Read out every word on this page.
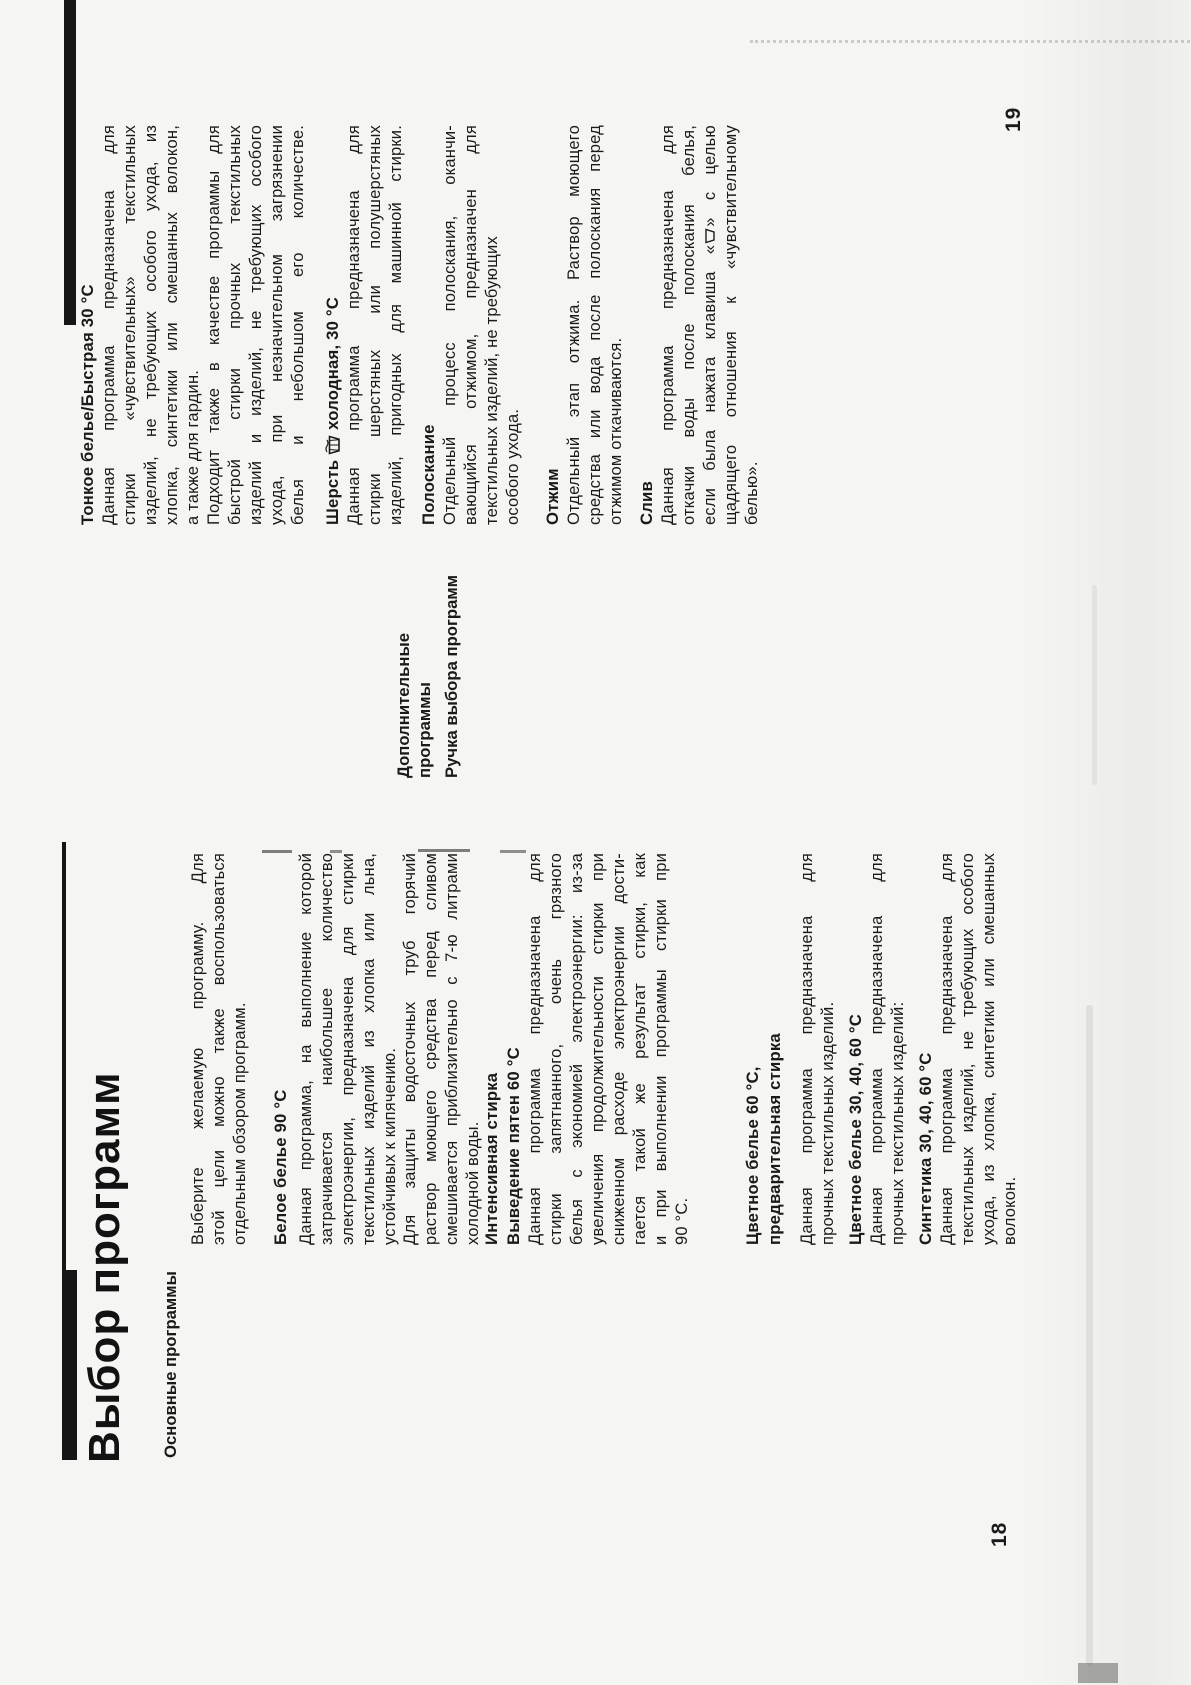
Выбор программ Основные программы
Выберите желаемую программу. Для этой цели можно также воспользоваться отдельным обзором программ. Белое белье 90 °C Данная программа, на выполнение которой затрачивается наибольшее количество электроэнергии, предназначена для стирки текстильных изделий из хлопка или льна, устойчивых к кипячению. Для защиты водосточных труб горячий раствор моющего средства перед сливом смешивается приблизительно с 7-ю литрами холодной воды. Интенсивная стирка Выведение пятен 60 °C Данная программа предназначена для стирки запятнанного, очень грязного белья с экономией электроэнергии: из-за увеличения продолжительности стирки при сниженном расходе электроэнергии дости- гается такой же результат стирки, как и при выполнении программы стирки при 90 °C.	Цветное белье 60 °C, предварительная стирка Данная программа предназначена для прочных текстильных изделий. Цветное белье 30, 40, 60 °C Данная программа предназначена для прочных текстильных изделий: Синтетика 30, 40, 60 °C Данная программа предназначена для текстильных изделий, не требующих особого ухода, из хлопка, синтетики или смешанных волокон.
18
Тонкое белье/Быстрая 30 °C Данная программа предназначена для стирки «чувствительных» текстильных изделий, не требующих особого ухода, из хлопка, синтетики или смешанных волокон, а также для гардин. Подходит также в качестве программы для быстрой стирки прочных текстильных изделий и изделий, не требующих особого ухода, при незначительном загрязнении белья и небольшом его количестве. Шерстьхолодная, 30 °C Данная программа предназначена для стирки шерстяных или полушерстяных изделий, пригодных для машинной стирки.
Дополнительные программы Ручка выбора программ
Полоскание Отдельный процесс полоскания, оканчи- вающийся отжимом, предназначен для текстильных изделий, не требующих особого ухода. Отжим Отдельный этап отжима. Раствор моющего средства или вода после полоскания перед отжимом откачиваются. Слив Данная программа предназначена для откачки воды после полоскания белья, если была нажата клавиша «» с целью щадящего отношения к «чувствительному белью».
19
